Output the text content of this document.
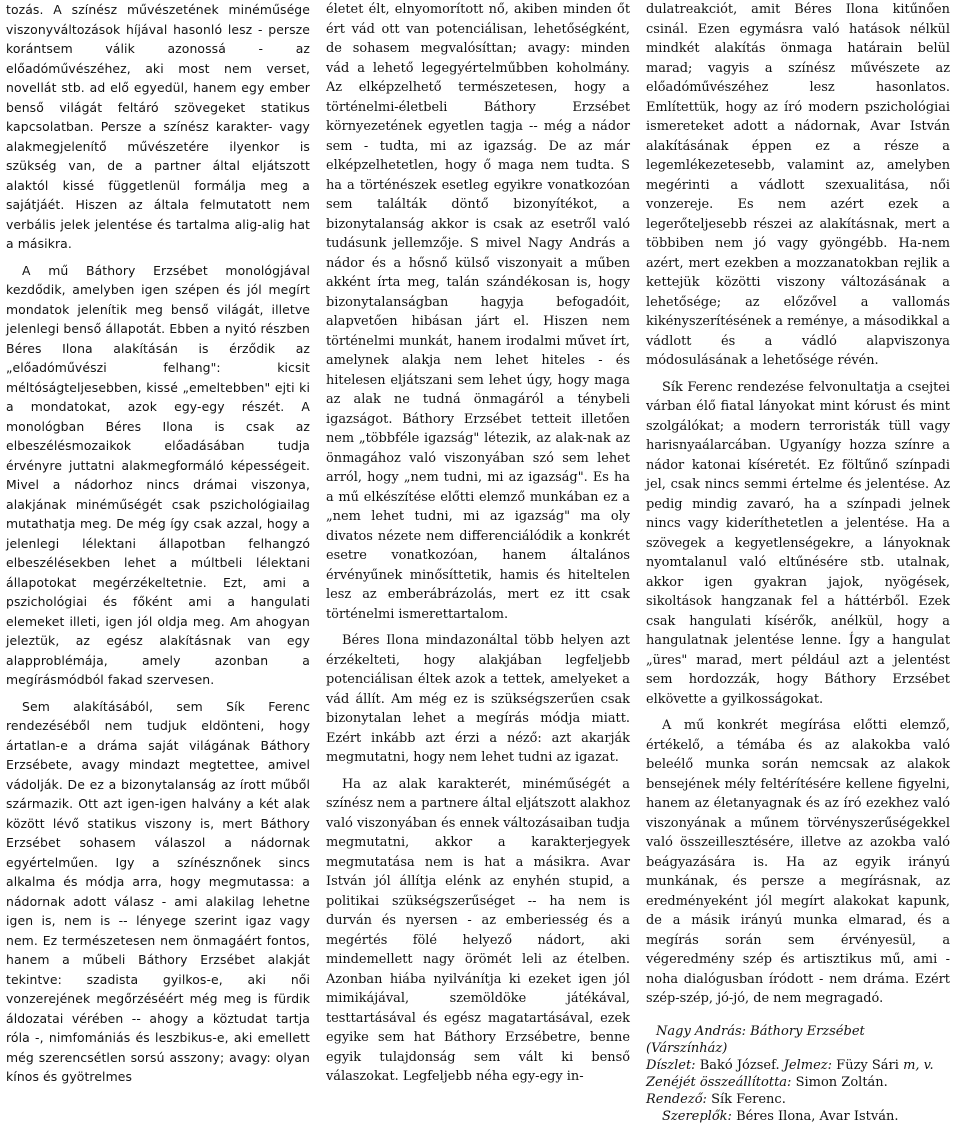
tozás. A színész művészetének minéműsége viszonyváltozások híjával hasonló lesz - persze korántsem válik azonossá - az előadóművészéhez, aki most nem verset, novellát stb. ad elő egyedül, hanem egy ember benső világát feltáró szövegeket statikus kapcsolatban. Persze a színész karakter- vagy alakmegjelenítő művészetére ilyenkor is szükség van, de a partner által eljátszott alaktól kissé függetlenül formálja meg a sajátjáét. Hiszen az általa felmutatott nem verbális jelek jelentése és tartalma alig-alig hat a másikra.

A mű Báthory Erzsébet monológjával kezdődik, amelyben igen szépen és jól megírt mondatok jelenítik meg benső világát, illetve jelenlegi benső állapotát. Ebben a nyitó részben Béres Ilona alakításán is érződik az „előadóművészi felhang": kicsit méltóságteljesebben, kissé „emeltebben" ejti ki a mondatokat, azok egy-egy részét. A monológban Béres Ilona is csak az elbeszélésmozaikok előadásában tudja érvényre juttatni alakmegformáló képességeit. Mivel a nádorhoz nincs drámai viszonya, alakjának minéműségét csak pszichológiailag mutathatja meg. De még így csak azzal, hogy a jelenlegi lélektani állapotban felhangzó elbeszélésekben lehet a múltbeli lélektani állapotokat megérzékeltetnie. Ezt, ami a pszichológiai és főként ami a hangulati elemeket illeti, igen jól oldja meg. Am ahogyan jeleztük, az egész alakításnak van egy alapproblémája, amely azonban a megírásmódból fakad szervesen.

Sem alakításából, sem Sík Ferenc rendezéséből nem tudjuk eldönteni, hogy ártatlan-e a dráma saját világának Báthory Erzsébete, avagy mindazt megtettee, amivel vádolják. De ez a bizonytalanság az írott műből származik. Ott azt igen-igen halvány a két alak között lévő statikus viszony is, mert Báthory Erzsébet sohasem válaszol a nádornak egyértelműen. Igy a színésznőnek sincs alkalma és módja arra, hogy megmutassa: a nádornak adott válasz - ami alakilag lehetne igen is, nem is -- lényege szerint igaz vagy nem. Ez természetesen nem önmagáért fontos, hanem a műbeli Báthory Erzsébet alakját tekintve: szadista gyilkos-e, aki női vonzerejének megőrzéséért még meg is fürdik áldozatai vérében -- ahogy a köztudat tartja róla -, nimfomániás és leszbikus-e, aki emellett még szerencsétlen sorsú asszony; avagy: olyan kínos és gyötrelmes

életet élt, elnyomorított nő, akiben minden őt ért vád ott van potenciálisan, lehetőségként, de sohasem megvalósíttan; avagy: minden vád a lehető legegyértelműbben koholmány. Az elképzelhető természetesen, hogy a történelmi-életbeli Báthory Erzsébet környezetének egyetlen tagja -- még a nádor sem - tudta, mi az igazság. De az már elképzelhetetlen, hogy ő maga nem tudta. S ha a történészek esetleg egyikre vonatkozóan sem találták döntő bizonyítékot, a bizonytalanság akkor is csak az esetről való tudásunk jellemzője. S mivel Nagy András a nádor és a hősnő külső viszonyait a műben akként írta meg, talán szándékosan is, hogy bizonytalanságban hagyja befogadóit, alapvetően hibásan járt el. Hiszen nem történelmi munkát, hanem irodalmi művet írt, amelynek alakja nem lehet hiteles - és hitelesen eljátszani sem lehet úgy, hogy maga az alak ne tudná önmagáról a ténybeli igazságot. Báthory Erzsébet tetteit illetően nem „többféle igazság" létezik, az alak-nak az önmagához való viszonyában szó sem lehet arról, hogy „nem tudni, mi az igazság". Es ha a mű elkészítése előtti elemző munkában ez a „nem lehet tudni, mi az igazság" ma oly divatos nézete nem differenciálódik a konkrét esetre vonatkozóan, hanem általános érvényűnek minősíttetik, hamis és hiteltelen lesz az emberábrázolás, mert ez itt csak történelmi ismerettartalom.

Béres Ilona mindazonáltal több helyen azt érzékelteti, hogy alakjában legfeljebb potenciálisan éltek azok a tettek, amelyeket a vád állít. Am még ez is szükségszerűen csak bizonytalan lehet a megírás módja miatt. Ezért inkább azt érzi a néző: azt akarják megmutatni, hogy nem lehet tudni az igazat.

Ha az alak karakterét, minéműségét a színész nem a partnere által eljátszott alakhoz való viszonyában és ennek változásaiban tudja megmutatni, akkor a karakterjegyek megmutatása nem is hat a másikra. Avar István jól állítja elénk az enyhén stupid, a politikai szükségszerűséget -- ha nem is durván és nyersen - az emberiesség és a megértés fölé helyező nádort, aki mindemellett nagy örömét leli az ételben. Azonban hiába nyilvánítja ki ezeket igen jól mimikájával, szemöldöke játékával, testtartásával és egész magatartásával, ezek egyike sem hat Báthory Erzsébetre, benne egyik tulajdonság sem vált ki benső válaszokat. Legfeljebb néha egy-egy in-

dulatreakciót, amit Béres Ilona kitűnően csinál. Ezen egymásra való hatások nélkül mindkét alakítás önmaga határain belül marad; vagyis a színész művészete az előadóművészéhez lesz hasonlatos. Említettük, hogy az író modern pszichológiai ismereteket adott a nádornak, Avar István alakításának éppen ez a része a legemlékezetesebb, valamint az, amelyben megérinti a vádlott szexualitása, női vonzereje. Es nem azért ezek a legerőteljesebb részei az alakításnak, mert a többiben nem jó vagy gyöngébb. Ha-nem azért, mert ezekben a mozzanatokban rejlik a kettejük közötti viszony változásának a lehetősége; az előzővel a vallomás kikényszerítésének a reménye, a másodikkal a vádlott és a vádló alapviszonya módosulásának a lehetősége révén.

Sík Ferenc rendezése felvonultatja a csejtei várban élő fiatal lányokat mint kórust és mint szolgálókat; a modern terroristák tüll vagy harisnyaálarcában. Ugyanígy hozza színre a nádor katonai kíséretét. Ez föltűnő színpadi jel, csak nincs semmi értelme és jelentése. Az pedig mindig zavaró, ha a színpadi jelnek nincs vagy kideríthetetlen a jelentése. Ha a szövegek a kegyetlenségekre, a lányoknak nyomtalanul való eltűnésére stb. utalnak, akkor igen gyakran jajok, nyögések, sikoltások hangzanak fel a háttérből. Ezek csak hangulati kísérők, anélkül, hogy a hangulatnak jelentése lenne. Így a hangulat „üres" marad, mert például azt a jelentést sem hordozzák, hogy Báthory Erzsébet elkövette a gyilkosságokat.

A mű konkrét megírása előtti elemző, értékelő, a témába és az alakokba való beleélő munka során nemcsak az alakok bensejének mély feltérítésére kellene figyelni, hanem az életanyagnak és az író ezekhez való viszonyának a műnem törvényszerűségekkel való összeillesztésére, illetve az azokba való beágyazására is. Ha az egyik irányú munkának, és persze a megírásnak, az eredményeként jól megírt alakokat kapunk, de a másik irányú munka elmarad, és a megírás során sem érvényesül, a végeredmény szép és artisztikus mű, ami - noha dialógusban íródott - nem dráma. Ezért szép-szép, jó-jó, de nem megragadó.

Nagy András: Báthory Erzsébet (Várszínház)
Díszlet: Bakó József. Jelmez: Füzy Sári m, v. Zenéjét összeállította: Simon Zoltán.
Rendező: Sík Ferenc.
Szereplők: Béres Ilona, Avar István.
